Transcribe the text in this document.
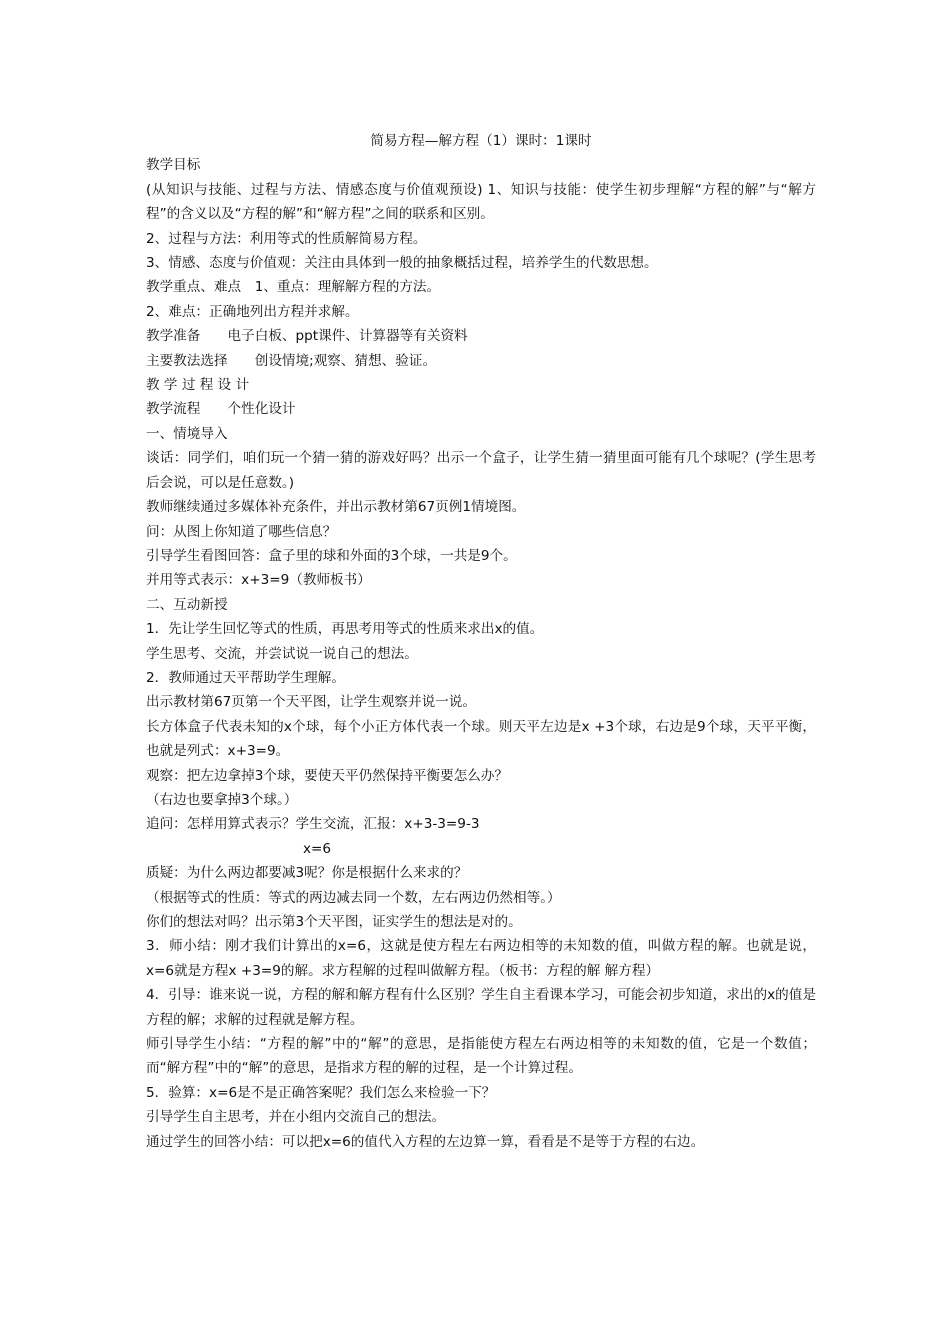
简易方程—解方程（1）课时：1课时

教学目标

(从知识与技能、过程与方法、情感态度与价值观预设) 1、知识与技能：使学生初步理解“方程的解”与“解方程”的含义以及“方程的解”和“解方程”之间的联系和区别。

2、过程与方法：利用等式的性质解简易方程。

3、情感、态度与价值观：关注由具体到一般的抽象概括过程，培养学生的代数思想。

教学重点、难点　1、重点：理解解方程的方法。

2、难点：正确地列出方程并求解。

教学准备　　电子白板、ppt课件、计算器等有关资料

主要教法选择　　创设情境;观察、猜想、验证。

教 学 过 程 设 计

教学流程　　个性化设计

一、情境导入

谈话：同学们，咱们玩一个猜一猜的游戏好吗？出示一个盒子，让学生猜一猜里面可能有几个球呢？(学生思考后会说，可以是任意数。)

教师继续通过多媒体补充条件，并出示教材第67页例1情境图。

问：从图上你知道了哪些信息？

引导学生看图回答：盒子里的球和外面的3个球，一共是9个。

并用等式表示：x+3=9（教师板书）

二、互动新授

1．先让学生回忆等式的性质，再思考用等式的性质来求出x的值。

学生思考、交流，并尝试说一说自己的想法。

2．教师通过天平帮助学生理解。

出示教材第67页第一个天平图，让学生观察并说一说。

长方体盒子代表未知的x个球，每个小正方体代表一个球。则天平左边是x +3个球，右边是9个球，天平平衡，也就是列式：x+3=9。

观察：把左边拿掉3个球，要使天平仍然保持平衡要怎么办？

（右边也要拿掉3个球。）

追问：怎样用算式表示？学生交流，汇报：x+3-3=9-3

x=6

质疑：为什么两边都要减3呢？你是根据什么来求的？

（根据等式的性质：等式的两边减去同一个数，左右两边仍然相等。）

你们的想法对吗？出示第3个天平图，证实学生的想法是对的。

3．师小结：刚才我们计算出的x=6，这就是使方程左右两边相等的未知数的值，叫做方程的解。也就是说，x=6就是方程x +3=9的解。求方程解的过程叫做解方程。（板书：方程的解 解方程）

4．引导：谁来说一说，方程的解和解方程有什么区别？学生自主看课本学习，可能会初步知道，求出的x的值是方程的解；求解的过程就是解方程。

师引导学生小结：“方程的解”中的“解”的意思，是指能使方程左右两边相等的未知数的值，它是一个数值；而“解方程”中的“解”的意思，是指求方程的解的过程，是一个计算过程。

5．验算：x=6是不是正确答案呢？我们怎么来检验一下？

引导学生自主思考，并在小组内交流自己的想法。

通过学生的回答小结：可以把x=6的值代入方程的左边算一算，看看是不是等于方程的右边。
